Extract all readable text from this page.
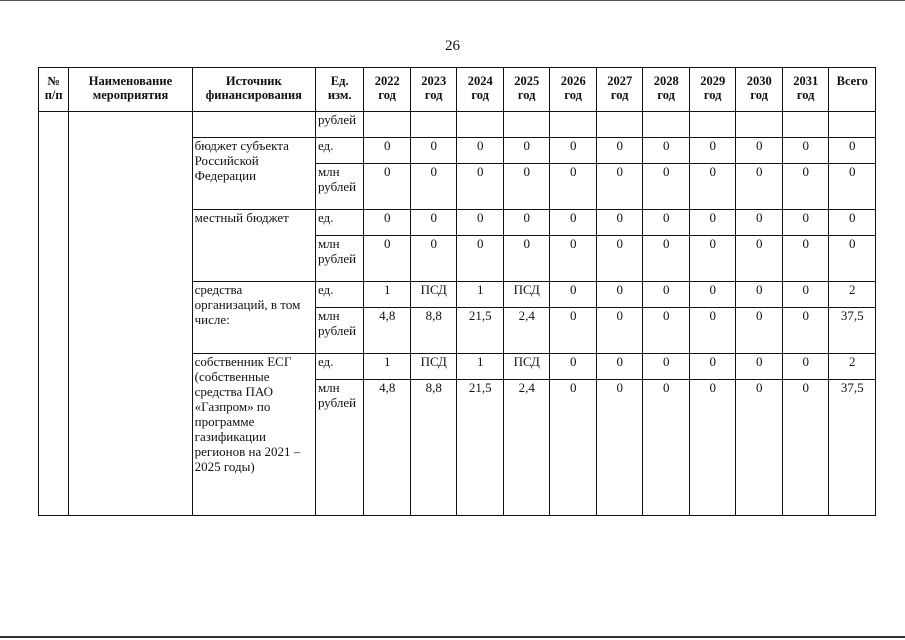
26
№ п/п	Наименование мероприятия	Источник финансирования	Ед. изм.	2022 год	2023 год	2024 год	2025 год	2026 год	2027 год	2028 год	2029 год	2030 год	2031 год	Всего
			рублей											
		бюджет субъекта Российской Федерации	ед.	0	0	0	0	0	0	0	0	0	0	0
			млн рублей	0	0	0	0	0	0	0	0	0	0	0
		местный бюджет	ед.	0	0	0	0	0	0	0	0	0	0	0
			млн рублей	0	0	0	0	0	0	0	0	0	0	0
		средства организаций, в том числе:	ед.	1	ПСД	1	ПСД	0	0	0	0	0	0	2
			млн рублей	4,8	8,8	21,5	2,4	0	0	0	0	0	0	37,5
		собственник ЕСГ (собственные средства ПАО «Газпром» по программе газификации регионов на 2021 – 2025 годы)	ед.	1	ПСД	1	ПСД	0	0	0	0	0	0	2
			млн рублей	4,8	8,8	21,5	2,4	0	0	0	0	0	0	37,5
